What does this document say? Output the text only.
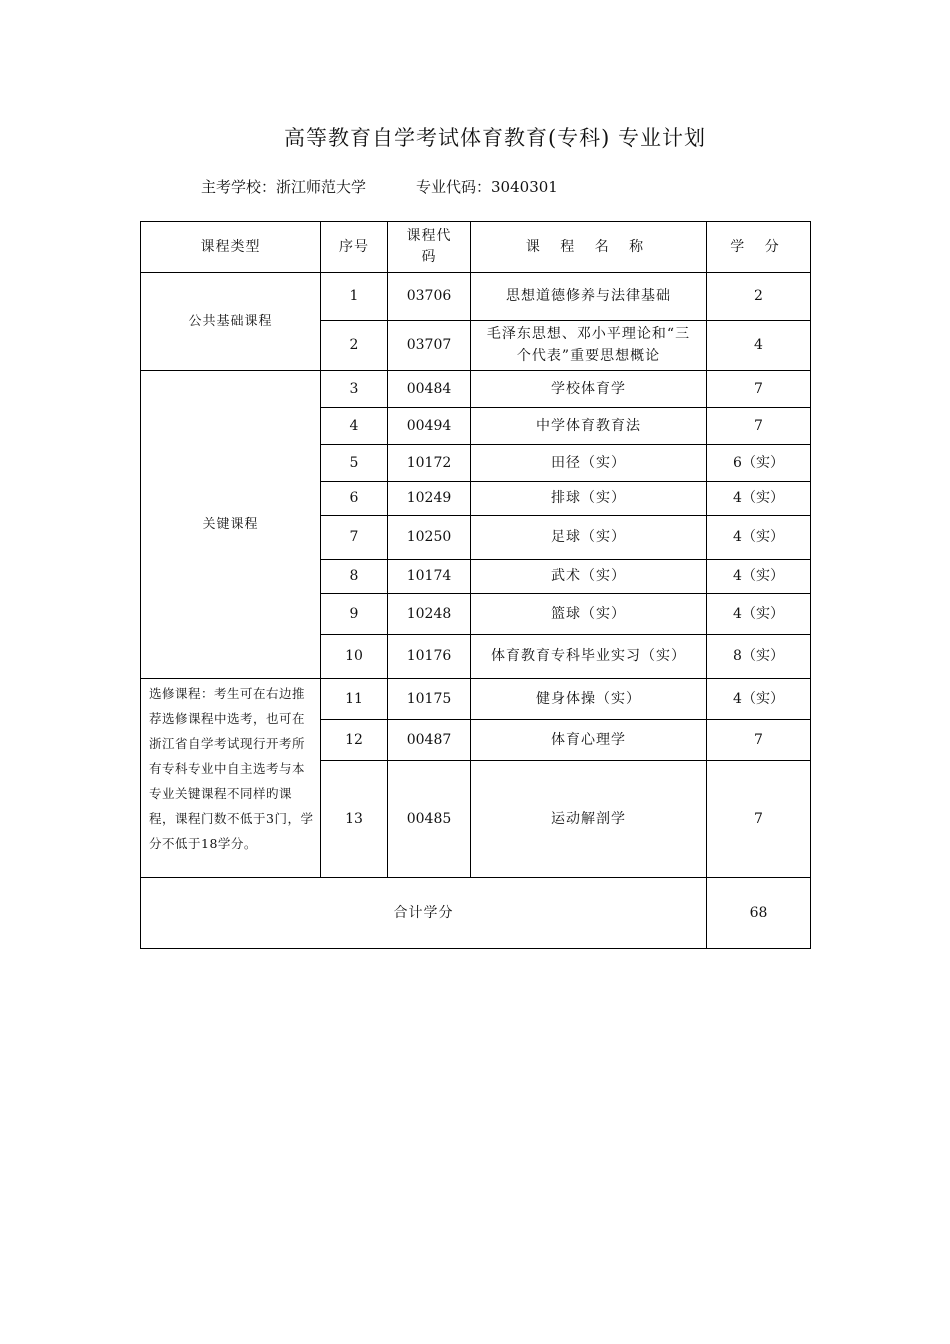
高等教育自学考试体育教育(专科) 专业计划
主考学校：浙江师范大学	专业代码：3040301
课程类型	序号	课程代码	课 程 名 称	学 分
公共基础课程	1	03706	思想道德修养与法律基础	2
	2	03707	毛泽东思想、邓小平理论和“三个代表”重要思想概论	4
关键课程	3	00484	学校体育学	7
	4	00494	中学体育教育法	7
	5	10172	田径（实）	6（实）
	6	10249	排球（实）	4（实）
	7	10250	足球（实）	4（实）
	8	10174	武术（实）	4（实）
	9	10248	篮球（实）	4（实）
	10	10176	体育教育专科毕业实习（实）	8（实）
选修课程：考生可在右边推荐选修课程中选考，也可在浙江省自学考试现行开考所有专科专业中自主选考与本专业关键课程不同样旳课程，课程门数不低于3门，学分不低于18学分。	11	10175	健身体操（实）	4（实）
	12	00487	体育心理学	7
	13	00485	运动解剖学	7
合计学分				68
